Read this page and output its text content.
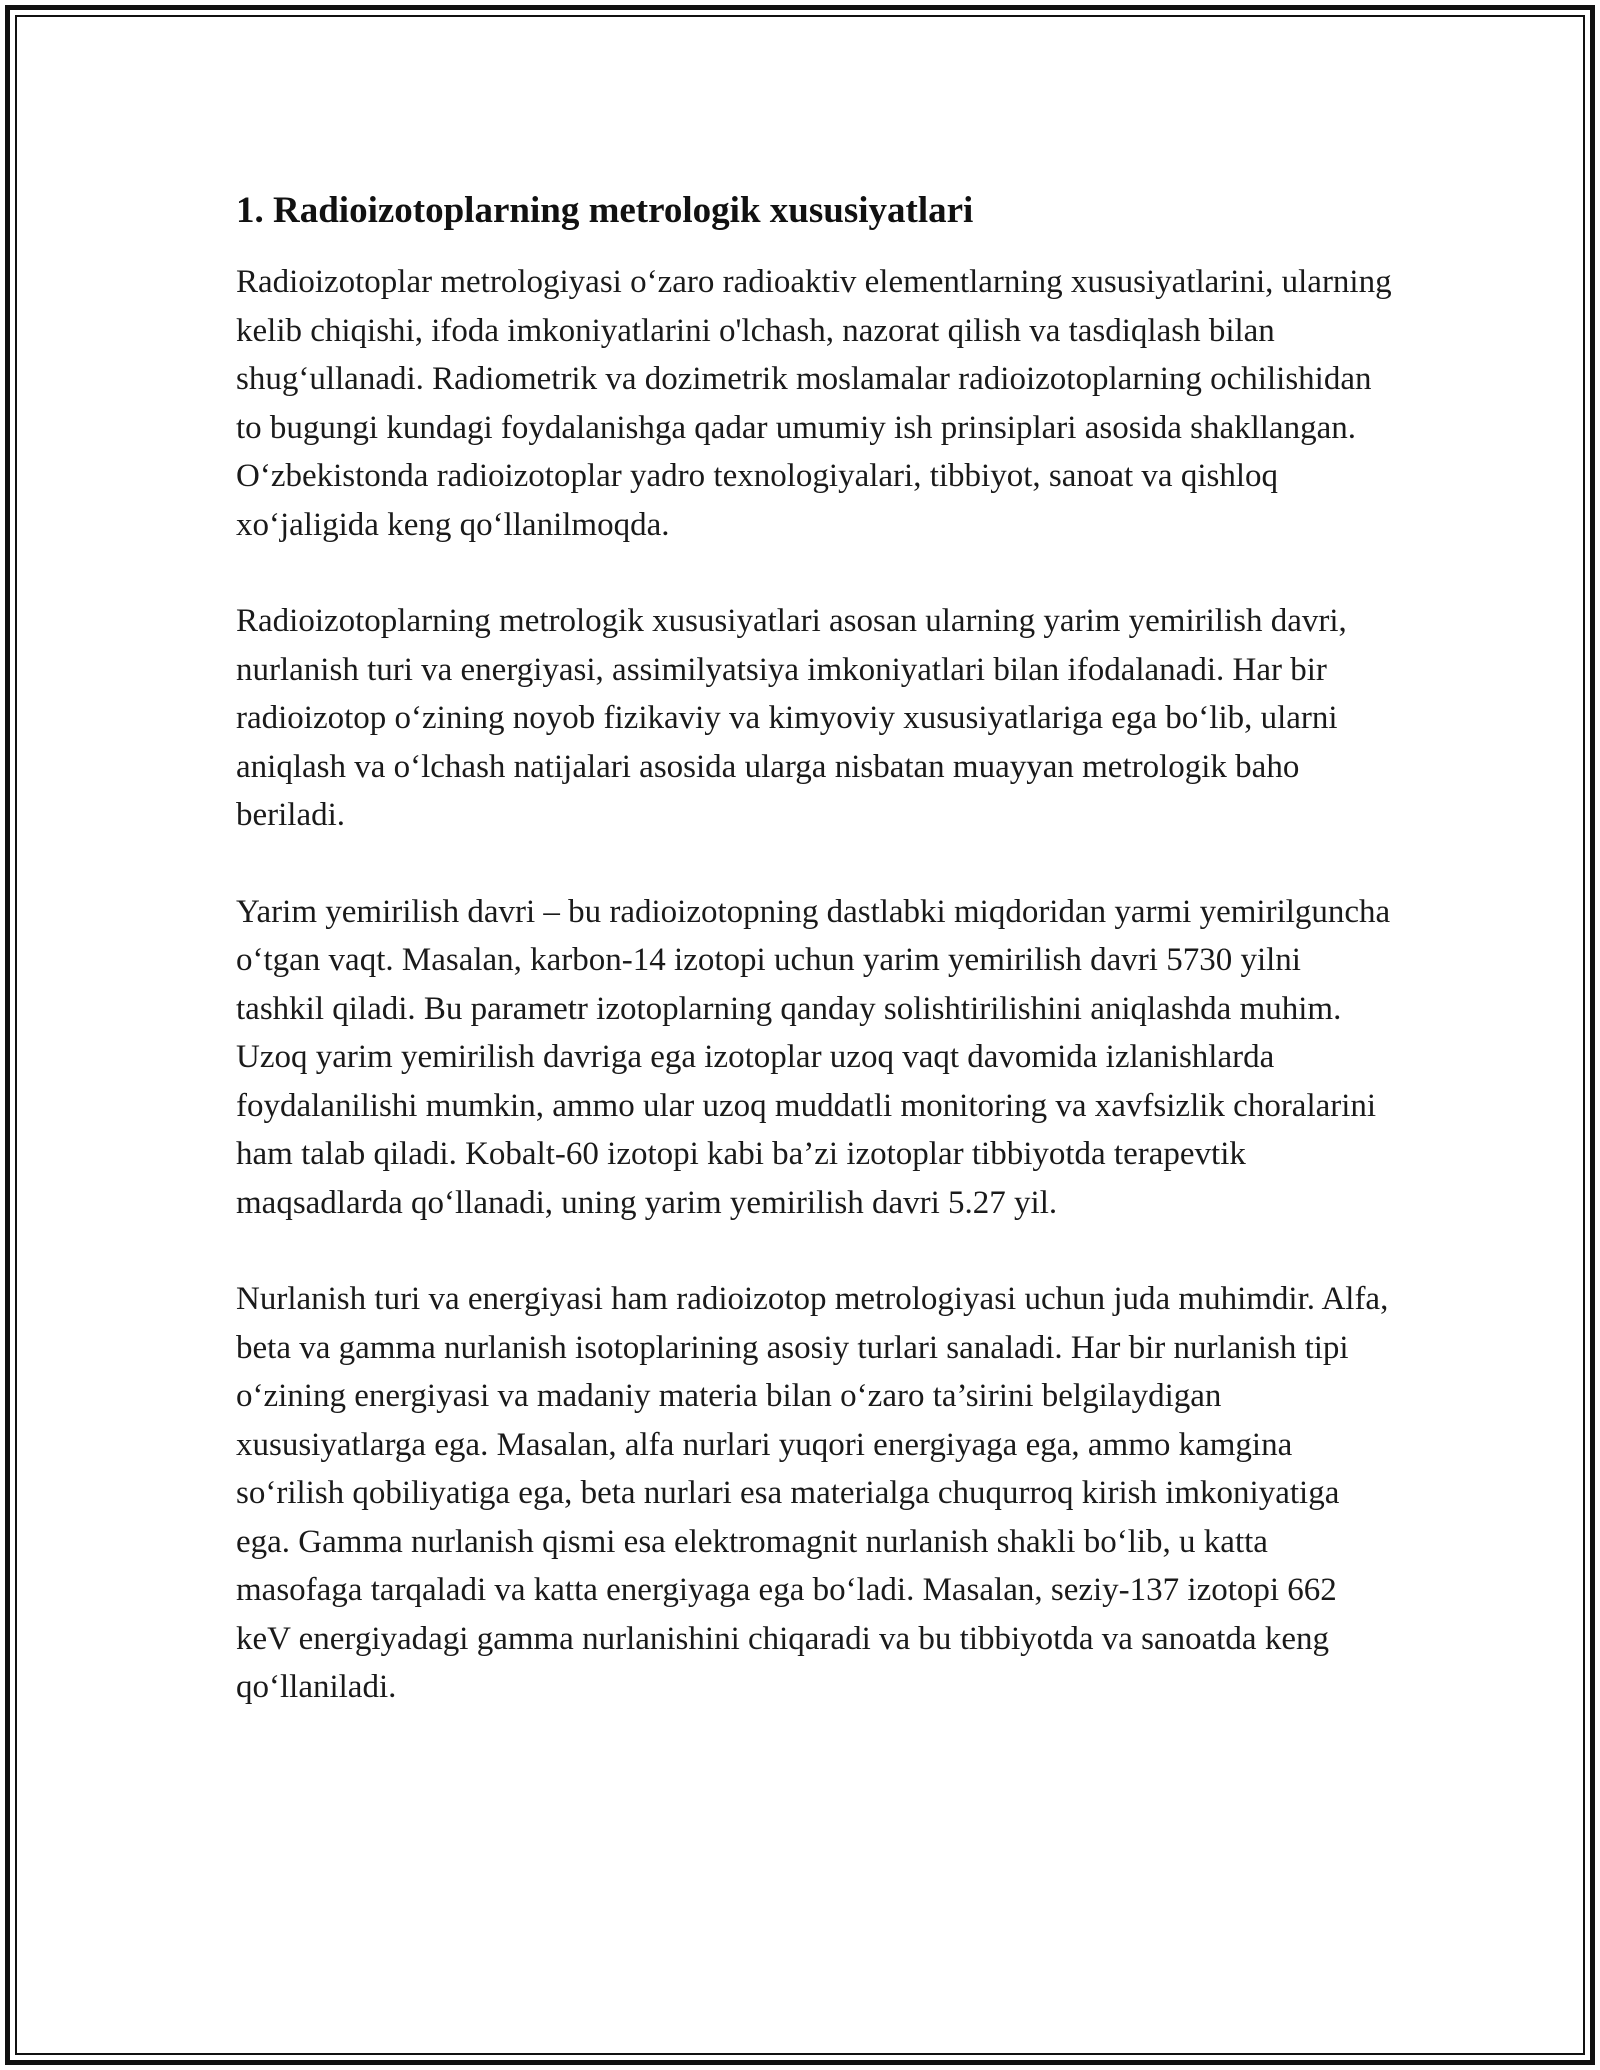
1. Radioizotoplarning metrologik xususiyatlari

Radioizotoplar metrologiyasi o‘zaro radioaktiv elementlarning xususiyatlarini, ularning kelib chiqishi, ifoda imkoniyatlarini o'lchash, nazorat qilish va tasdiqlash bilan shug‘ullanadi. Radiometrik va dozimetrik moslamalar radioizotoplarning ochilishidan to bugungi kundagi foydalanishga qadar umumiy ish prinsiplari asosida shakllangan. O‘zbekistonda radioizotoplar yadro texnologiyalari, tibbiyot, sanoat va qishloq xo‘jaligida keng qo‘llanilmoqda.

Radioizotoplarning metrologik xususiyatlari asosan ularning yarim yemirilish davri, nurlanish turi va energiyasi, assimilyatsiya imkoniyatlari bilan ifodalanadi. Har bir radioizotop o‘zining noyob fizikaviy va kimyoviy xususiyatlariga ega bo‘lib, ularni aniqlash va o‘lchash natijalari asosida ularga nisbatan muayyan metrologik baho beriladi.

Yarim yemirilish davri – bu radioizotopning dastlabki miqdoridan yarmi yemirilguncha o‘tgan vaqt. Masalan, karbon-14 izotopi uchun yarim yemirilish davri 5730 yilni tashkil qiladi. Bu parametr izotoplarning qanday solishtirilishini aniqlashda muhim. Uzoq yarim yemirilish davriga ega izotoplar uzoq vaqt davomida izlanishlarda foydalanilishi mumkin, ammo ular uzoq muddatli monitoring va xavfsizlik choralarini ham talab qiladi. Kobalt-60 izotopi kabi ba’zi izotoplar tibbiyotda terapevtik maqsadlarda qo‘llanadi, uning yarim yemirilish davri 5.27 yil.

Nurlanish turi va energiyasi ham radioizotop metrologiyasi uchun juda muhimdir. Alfa, beta va gamma nurlanish isotoplarining asosiy turlari sanaladi. Har bir nurlanish tipi o‘zining energiyasi va madaniy materia bilan o‘zaro ta’sirini belgilaydigan xususiyatlarga ega. Masalan, alfa nurlari yuqori energiyaga ega, ammo kamgina so‘rilish qobiliyatiga ega, beta nurlari esa materialga chuqurroq kirish imkoniyatiga ega. Gamma nurlanish qismi esa elektromagnit nurlanish shakli bo‘lib, u katta masofaga tarqaladi va katta energiyaga ega bo‘ladi. Masalan, seziy-137 izotopi 662 keV energiyadagi gamma nurlanishini chiqaradi va bu tibbiyotda va sanoatda keng qo‘llaniladi.
